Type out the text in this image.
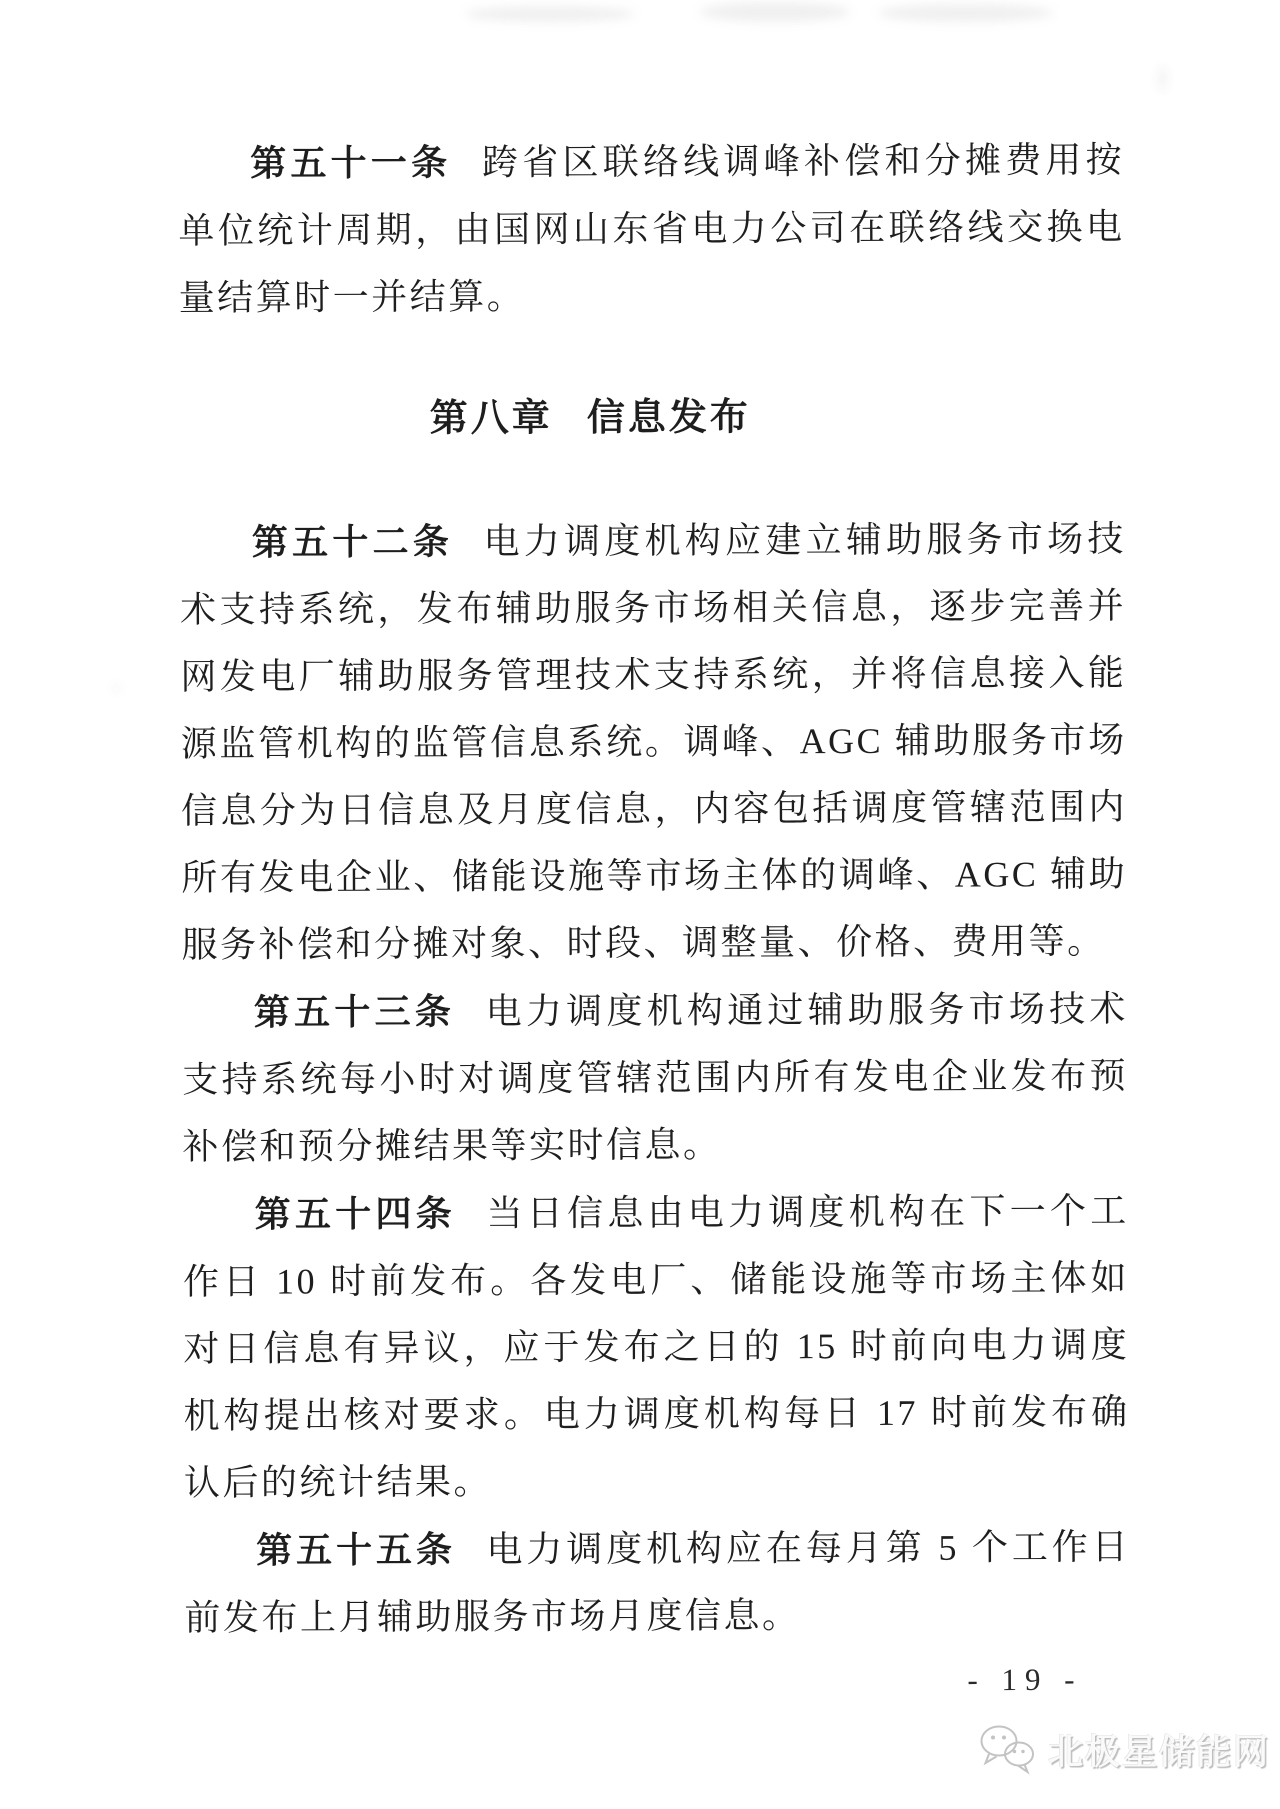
第五十一条 跨省区联络线调峰补偿和分摊费用按单位统计周期，由国网山东省电力公司在联络线交换电量结算时一并结算。

第八章 信息发布

第五十二条 电力调度机构应建立辅助服务市场技术支持系统，发布辅助服务市场相关信息，逐步完善并网发电厂辅助服务管理技术支持系统，并将信息接入能源监管机构的监管信息系统。调峰、AGC 辅助服务市场信息分为日信息及月度信息，内容包括调度管辖范围内所有发电企业、储能设施等市场主体的调峰、AGC 辅助服务补偿和分摊对象、时段、调整量、价格、费用等。

第五十三条 电力调度机构通过辅助服务市场技术支持系统每小时对调度管辖范围内所有发电企业发布预补偿和预分摊结果等实时信息。

第五十四条 当日信息由电力调度机构在下一个工作日 10 时前发布。各发电厂、储能设施等市场主体如对日信息有异议，应于发布之日的 15 时前向电力调度机构提出核对要求。电力调度机构每日 17 时前发布确认后的统计结果。

第五十五条 电力调度机构应在每月第 5 个工作日前发布上月辅助服务市场月度信息。

- 19 -
北极星储能网
